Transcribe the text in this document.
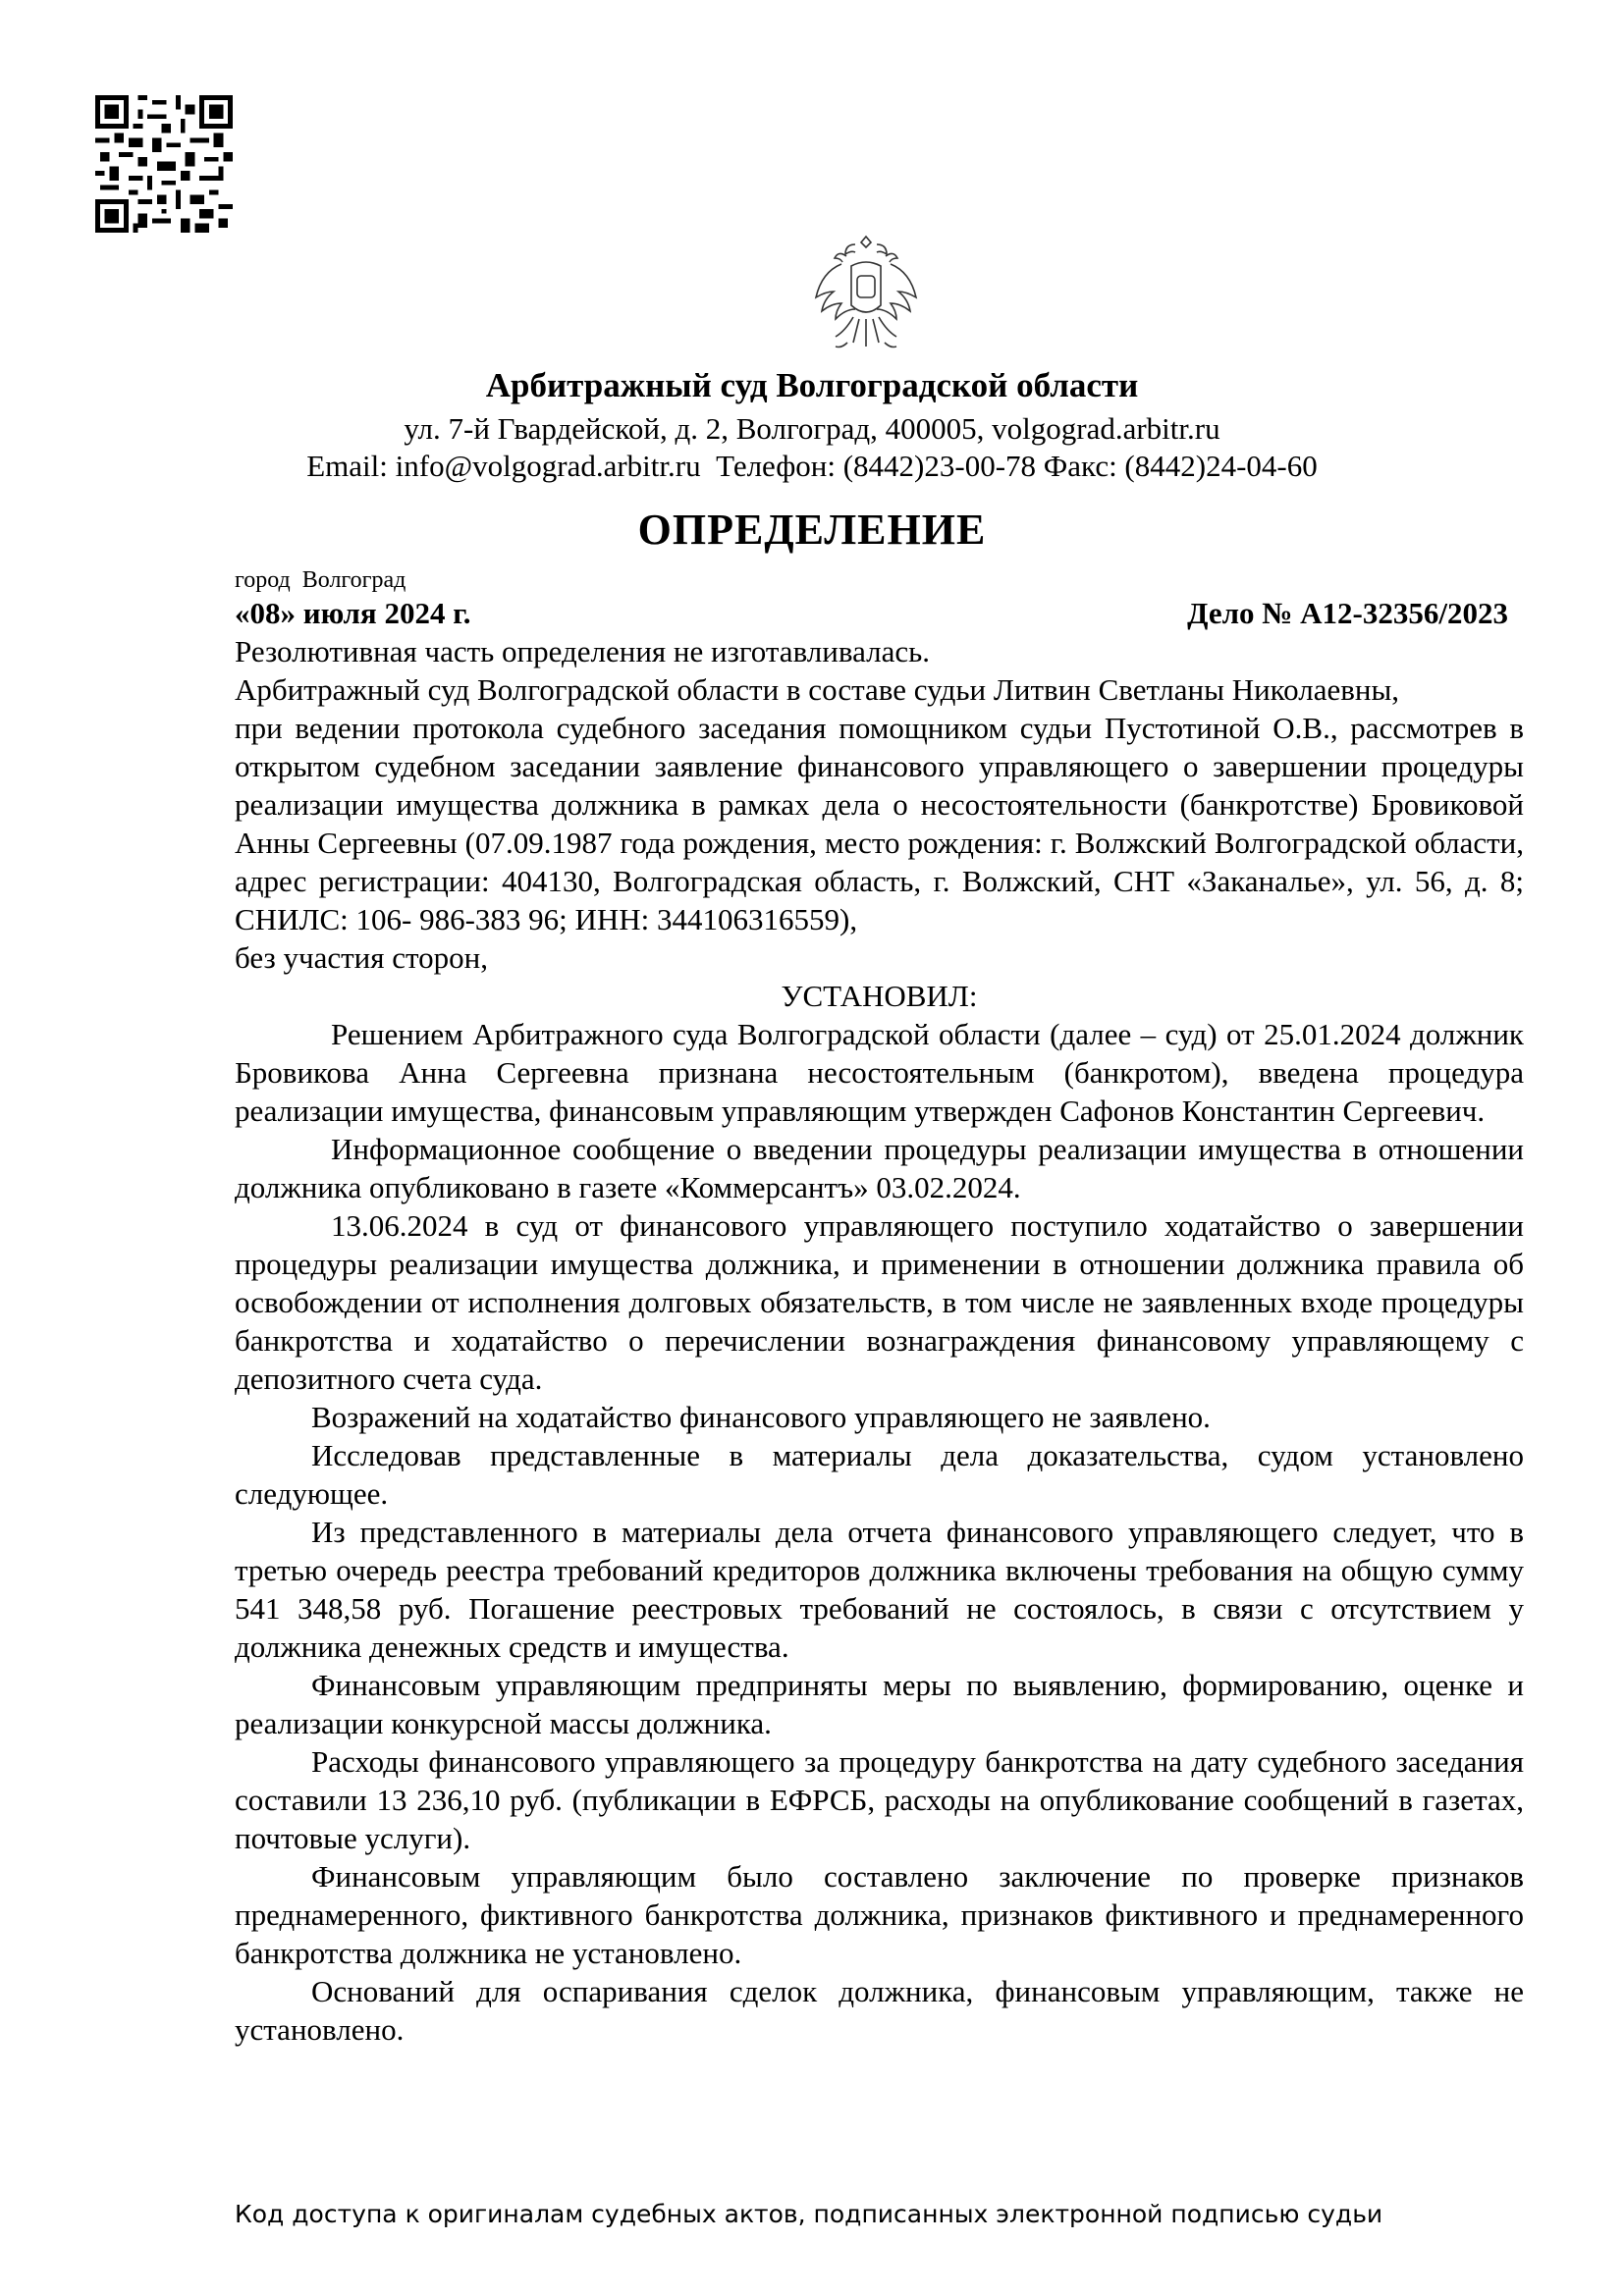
Арбитражный суд Волгоградской области
ул. 7-й Гвардейской, д. 2, Волгоград, 400005, volgograd.arbitr.ru
Email: info@volgograd.arbitr.ru  Телефон: (8442)23-00-78 Факс: (8442)24-04-60
ОПРЕДЕЛЕНИЕ
город  Волгоград
«08» июля 2024 г.	Дело № А12-32356/2023
Резолютивная часть определения не изготавливалась.
Арбитражный суд Волгоградской области в составе судьи Литвин Светланы Николаевны,
при ведении протокола судебного заседания помощником судьи Пустотиной О.В., рассмотрев в открытом судебном заседании заявление финансового управляющего о завершении процедуры реализации имущества должника в рамках дела о несостоятельности (банкротстве) Бровиковой Анны Сергеевны (07.09.1987 года рождения, место рождения: г. Волжский Волгоградской области, адрес регистрации: 404130, Волгоградская область, г. Волжский, СНТ «Заканалье», ул. 56, д. 8; СНИЛС: 106- 986-383 96; ИНН: 344106316559),
без участия сторон,
УСТАНОВИЛ:
Решением Арбитражного суда Волгоградской области (далее – суд) от 25.01.2024 должник Бровикова Анна Сергеевна признана несостоятельным (банкротом), введена процедура реализации имущества, финансовым управляющим утвержден Сафонов Константин Сергеевич.
Информационное сообщение о введении процедуры реализации имущества в отношении должника опубликовано в газете «Коммерсантъ» 03.02.2024.
13.06.2024 в суд от финансового управляющего поступило ходатайство о завершении процедуры реализации имущества должника, и применении в отношении должника правила об освобождении от исполнения долговых обязательств, в том числе не заявленных входе процедуры банкротства и ходатайство о перечислении вознаграждения финансовому управляющему с депозитного счета суда.
Возражений на ходатайство финансового управляющего не заявлено.
Исследовав представленные в материалы дела доказательства, судом установлено следующее.
Из представленного в материалы дела отчета финансового управляющего следует, что в третью очередь реестра требований кредиторов должника включены требования на общую сумму 541 348,58 руб. Погашение реестровых требований не состоялось, в связи с отсутствием у должника денежных средств и имущества.
Финансовым управляющим предприняты меры по выявлению, формированию, оценке и реализации конкурсной массы должника.
Расходы финансового управляющего за процедуру банкротства на дату судебного заседания составили 13 236,10 руб. (публикации в ЕФРСБ, расходы на опубликование сообщений в газетах, почтовые услуги).
Финансовым управляющим было составлено заключение по проверке признаков преднамеренного, фиктивного банкротства должника, признаков фиктивного и преднамеренного банкротства должника не установлено.
Оснований для оспаривания сделок должника, финансовым управляющим, также не установлено.
Код доступа к оригиналам судебных актов, подписанных электронной подписью судьи
